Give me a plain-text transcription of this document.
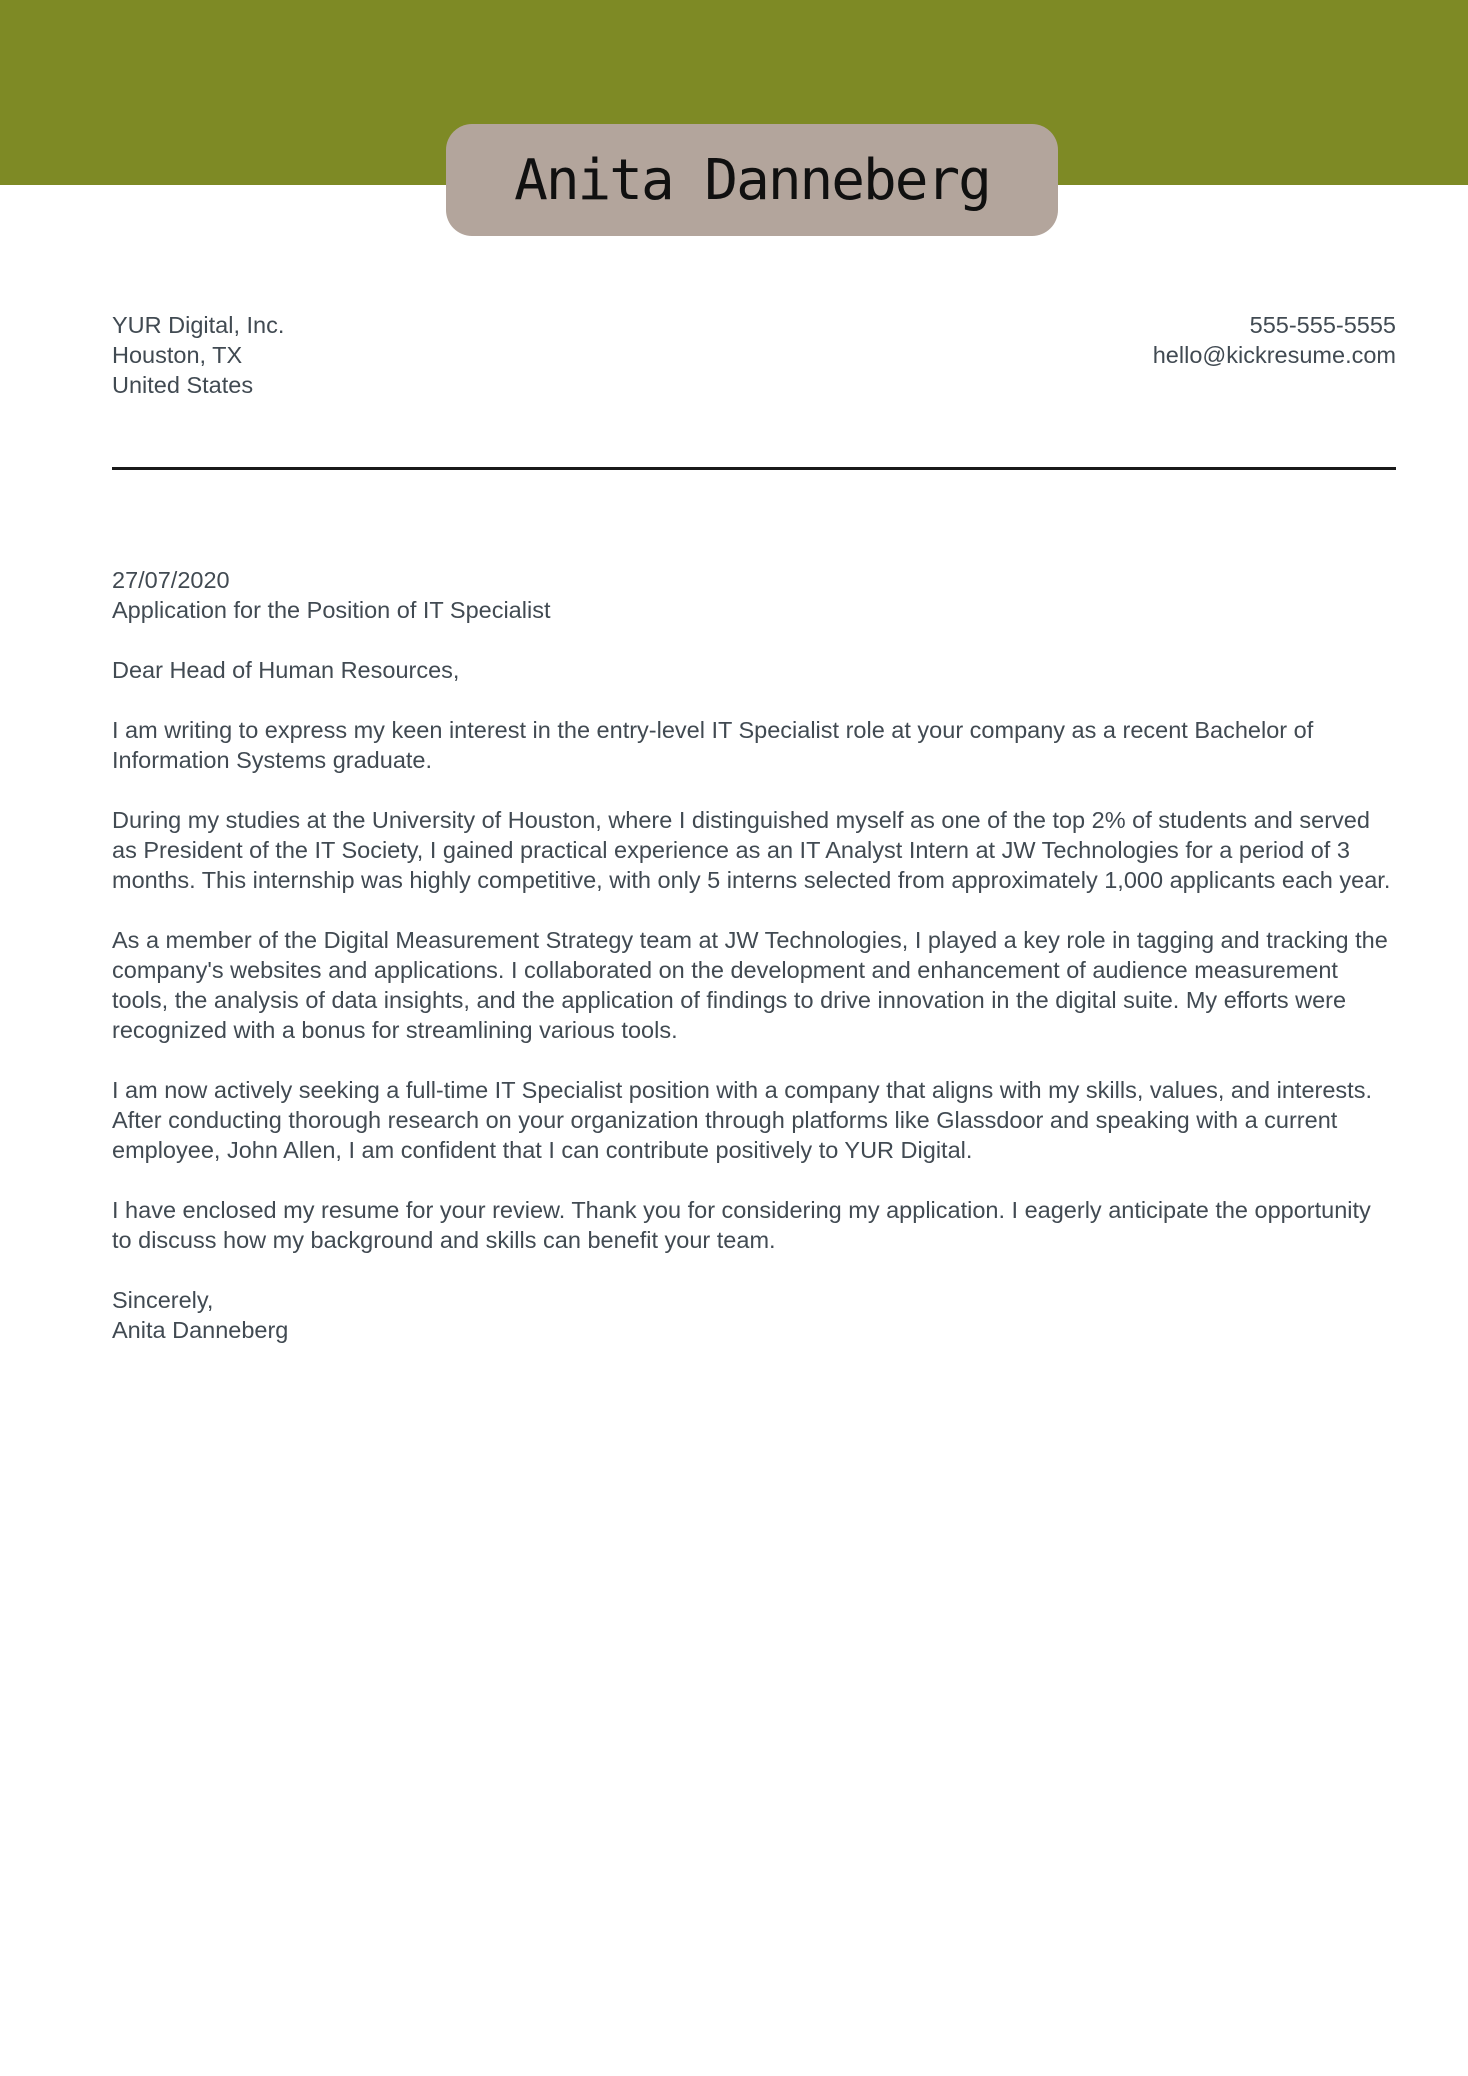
Anita Danneberg
YUR Digital, Inc.
Houston, TX
United States
555-555-5555
hello@kickresume.com
27/07/2020
Application for the Position of IT Specialist

Dear Head of Human Resources,

I am writing to express my keen interest in the entry-level IT Specialist role at your company as a recent Bachelor of Information Systems graduate.

During my studies at the University of Houston, where I distinguished myself as one of the top 2% of students and served as President of the IT Society, I gained practical experience as an IT Analyst Intern at JW Technologies for a period of 3 months. This internship was highly competitive, with only 5 interns selected from approximately 1,000 applicants each year.

As a member of the Digital Measurement Strategy team at JW Technologies, I played a key role in tagging and tracking the company's websites and applications. I collaborated on the development and enhancement of audience measurement tools, the analysis of data insights, and the application of findings to drive innovation in the digital suite. My efforts were recognized with a bonus for streamlining various tools.

I am now actively seeking a full-time IT Specialist position with a company that aligns with my skills, values, and interests. After conducting thorough research on your organization through platforms like Glassdoor and speaking with a current employee, John Allen, I am confident that I can contribute positively to YUR Digital.

I have enclosed my resume for your review. Thank you for considering my application. I eagerly anticipate the opportunity to discuss how my background and skills can benefit your team.

Sincerely,
Anita Danneberg
